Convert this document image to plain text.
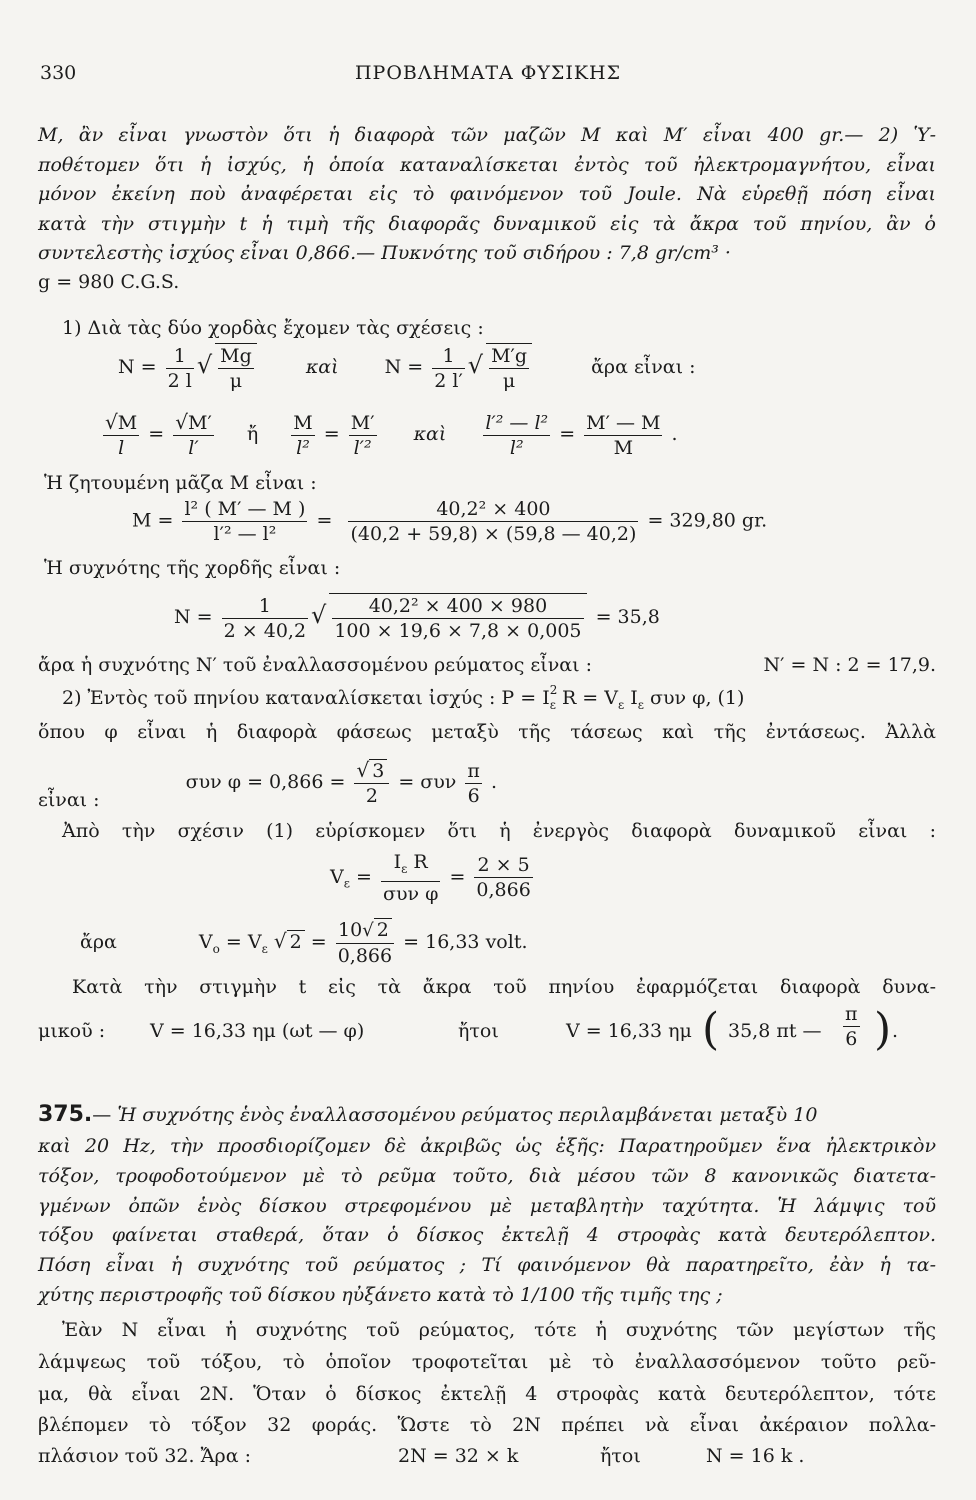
330	ΠΡΟΒΛΗΜΑΤΑ ΦΥΣΙΚΗΣ
Μ, ἂν εἶναι γνωστὸν ὅτι ἡ διαφορὰ τῶν μαζῶν Μ καὶ Μ′ εἶναι 400 gr.— 2) Ὑ-
ποθέτομεν ὅτι ἡ ἰσχύς, ἡ ὁποία καταναλίσκεται ἐντὸς τοῦ ἠλεκτρομαγνήτου, εἶναι
μόνον ἐκείνη ποὺ ἀναφέρεται εἰς τὸ φαινόμενον τοῦ Joule. Νὰ εὑρεθῇ πόση εἶναι
κατὰ τὴν στιγμὴν t ἡ τιμὴ τῆς διαφορᾶς δυναμικοῦ εἰς τὰ ἄκρα τοῦ πηνίου, ἂν ὁ
συντελεστὴς ἰσχύος εἶναι 0,866.— Πυκνότης τοῦ σιδήρου : 7,8 gr/cm³ ·
g = 980 C.G.S.
1) Διὰ τὰς δύο χορδὰς ἔχομεν τὰς σχέσεις :
$N = \frac{1}{2 l}$ √ $\frac{Mg}{\mu}$	καὶ $N = \frac{1}{2 l'}$ √ $\frac{M'g}{\mu}$	ἄρα εἶναι :
$\frac{√M}{l} = \frac{√M'}{l'}$ ἤ $\frac{M}{\text{l²}} = \frac{M'}{\text{l′²}}$ καὶ $\frac{\text{l′² — l²}}{\text{l²}} = \frac{M' — M}{M}$ .
Ἡ ζητουμένη μᾶζα Μ εἶναι :
$M = \frac{\text{l² ( M′ — M )}}{\text{l′² — l²}} = \frac{\text{40,2² × 400}}{(40,2 + 59,8) \times (59,8 — 40,2)} = 329,80$ gr.
Ἡ συχνότης τῆς χορδῆς εἶναι :
$N = \frac{1}{2 \times 40,2}$ √ $\frac{\text{40,2² × 400 × 980}}{100 \times 19,6 \times 7,8 \times 0,005} = 35,8$
ἄρα ἡ συχνότης Ν′ τοῦ ἐναλλασσομένου ρεύματος εἶναι :	N′ = N : 2 = 17,9.
2) Ἐντὸς τοῦ πηνίου καταναλίσκεται ἰσχύς : $P = I_\varepsilon$
2
$R = V_\varepsilon$ $I_\varepsilon$ συν φ, (1)
ὅπου φ εἶναι ἡ διαφορὰ φάσεως μεταξὺ τῆς τάσεως καὶ τῆς ἐντάσεως. Ἀλλὰ
εἶναι : συν $\varphi = 0,866 = \frac{√ 3}{2} = \sigma\upsilon\nu \frac{\pi}{6}$ .
Ἀπὸ τὴν σχέσιν (1) εὑρίσκομεν ὅτι ἡ ἐνεργὸς διαφορὰ δυναμικοῦ εἶναι :
$V_\varepsilon = \frac{I_\varepsilon R}{\text{συν φ}} = \frac{2 \times 5}{0,866}$
ἄρα	$V_o = V_\varepsilon$ √ $2 = \frac{10√ 2}{0,866} = 16,33$ volt.
Κατὰ τὴν στιγμὴν t εἰς τὰ ἄκρα τοῦ πηνίου ἐφαρμόζεται διαφορὰ δυνα-
μικοῦ : V = 16,33 ημ (ωt — φ)	ἤτοι	V = 16,33 ημ ( 35,8 πt — $\frac{\pi}{6}$ ) .
375.— Ἡ συχνότης ἑνὸς ἐναλλασσομένου ρεύματος περιλαμβάνεται μεταξὺ 10
καὶ 20 Hz, τὴν προσδιορίζομεν δὲ ἀκριβῶς ὡς ἑξῆς: Παρατηροῦμεν ἕνα ἠλεκτρικὸν
τόξον, τροφοδοτούμενον μὲ τὸ ρεῦμα τοῦτο, διὰ μέσου τῶν 8 κανονικῶς διατετα-
γμένων ὀπῶν ἑνὸς δίσκου στρεφομένου μὲ μεταβλητὴν ταχύτητα. Ἡ λάμψις τοῦ
τόξου φαίνεται σταθερά, ὅταν ὁ δίσκος ἐκτελῇ 4 στροφὰς κατὰ δευτερόλεπτον.
Πόση εἶναι ἡ συχνότης τοῦ ρεύματος ; Τί φαινόμενον θὰ παρατηρεῖτο, ἐὰν ἡ τα-
χύτης περιστροφῆς τοῦ δίσκου ηὐξάνετο κατὰ τὸ 1/100 τῆς τιμῆς της ;
Ἐὰν Ν εἶναι ἡ συχνότης τοῦ ρεύματος, τότε ἡ συχνότης τῶν μεγίστων τῆς
λάμψεως τοῦ τόξου, τὸ ὁποῖον τροφοτεῖται μὲ τὸ ἐναλλασσόμενον τοῦτο ρεῦ-
μα, θὰ εἶναι 2Ν. Ὅταν ὁ δίσκος ἐκτελῇ 4 στροφὰς κατὰ δευτερόλεπτον, τότε
βλέπομεν τὸ τόξον 32 φοράς. Ὥστε τὸ 2Ν πρέπει νὰ εἶναι ἀκέραιον πολλα-
πλάσιον τοῦ 32. Ἄρα :	2N = 32 × k	ἤτοι	N = 16 k .
